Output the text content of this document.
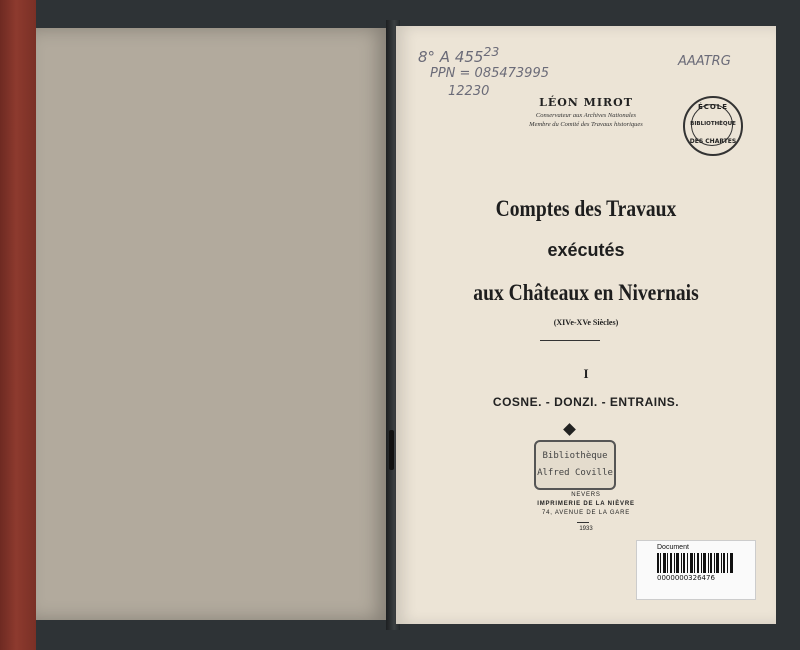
8° A $455^{23}$
PPN = 085473995
12230
AAATRG
LÉON MIROT
Conservateur aux Archives Nationales
Membre du Comité des Travaux historiques
ÉCOLE
BIBLIOTHÈQUE
DES CHARTES
Comptes des Travaux
exécutés
aux Châteaux en Nivernais
(XIVe-XVe Siècles)
I
COSNE. - DONZI. - ENTRAINS.
Bibliothèque
Alfred Coville
NEVERS
IMPRIMERIE DE LA NIÈVRE
74, AVENUE DE LA GARE
1933
Document
0000000326476
